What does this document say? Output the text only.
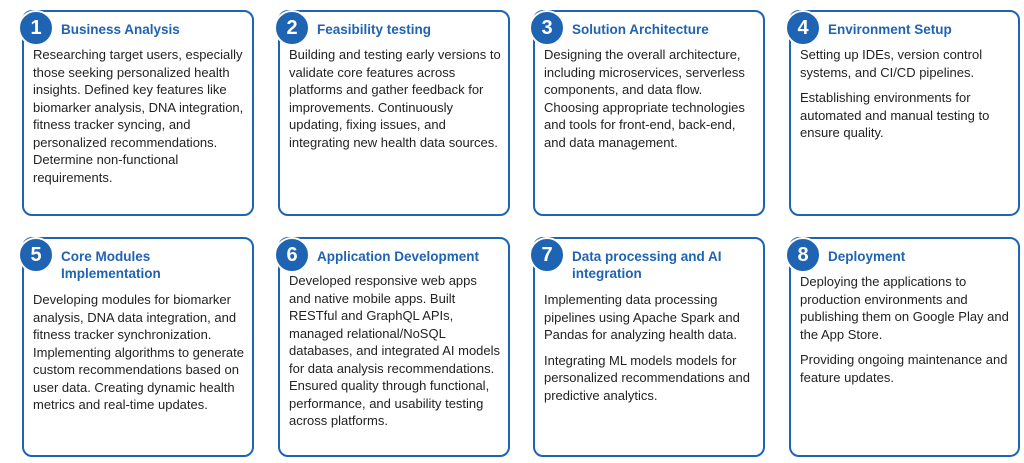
1	Business Analysis

Researching target users, especially those seeking personalized health insights. Defined key features like biomarker analysis, DNA integration, fitness tracker syncing, and personalized recommendations. Determine non-functional requirements.

2	Feasibility testing

Building and testing early versions to validate core features across platforms and gather feedback for improvements. Continuously updating, fixing issues, and integrating new health data sources.

3	Solution Architecture

Designing the overall architecture, including microservices, serverless components, and data flow. Choosing appropriate technologies and tools for front-end, back-end, and data management.

4	Environment Setup

Setting up IDEs, version control systems, and CI/CD pipelines.

Establishing environments for automated and manual testing to ensure quality.

5	Core Modules Implementation

Developing modules for biomarker analysis, DNA data integration, and fitness tracker synchronization. Implementing algorithms to generate custom recommendations based on user data. Creating dynamic health metrics and real-time updates.

6	Application Development

Developed responsive web apps and native mobile apps. Built RESTful and GraphQL APIs, managed relational/NoSQL databases, and integrated AI models for data analysis recommendations. Ensured quality through functional, performance, and usability testing across platforms.

7	Data processing and AI integration

Implementing data processing pipelines using Apache Spark and Pandas for analyzing health data.

Integrating ML models models for personalized recommendations and predictive analytics.

8	Deployment

Deploying the applications to production environments and publishing them on Google Play and the App Store.

Providing ongoing maintenance and feature updates.
